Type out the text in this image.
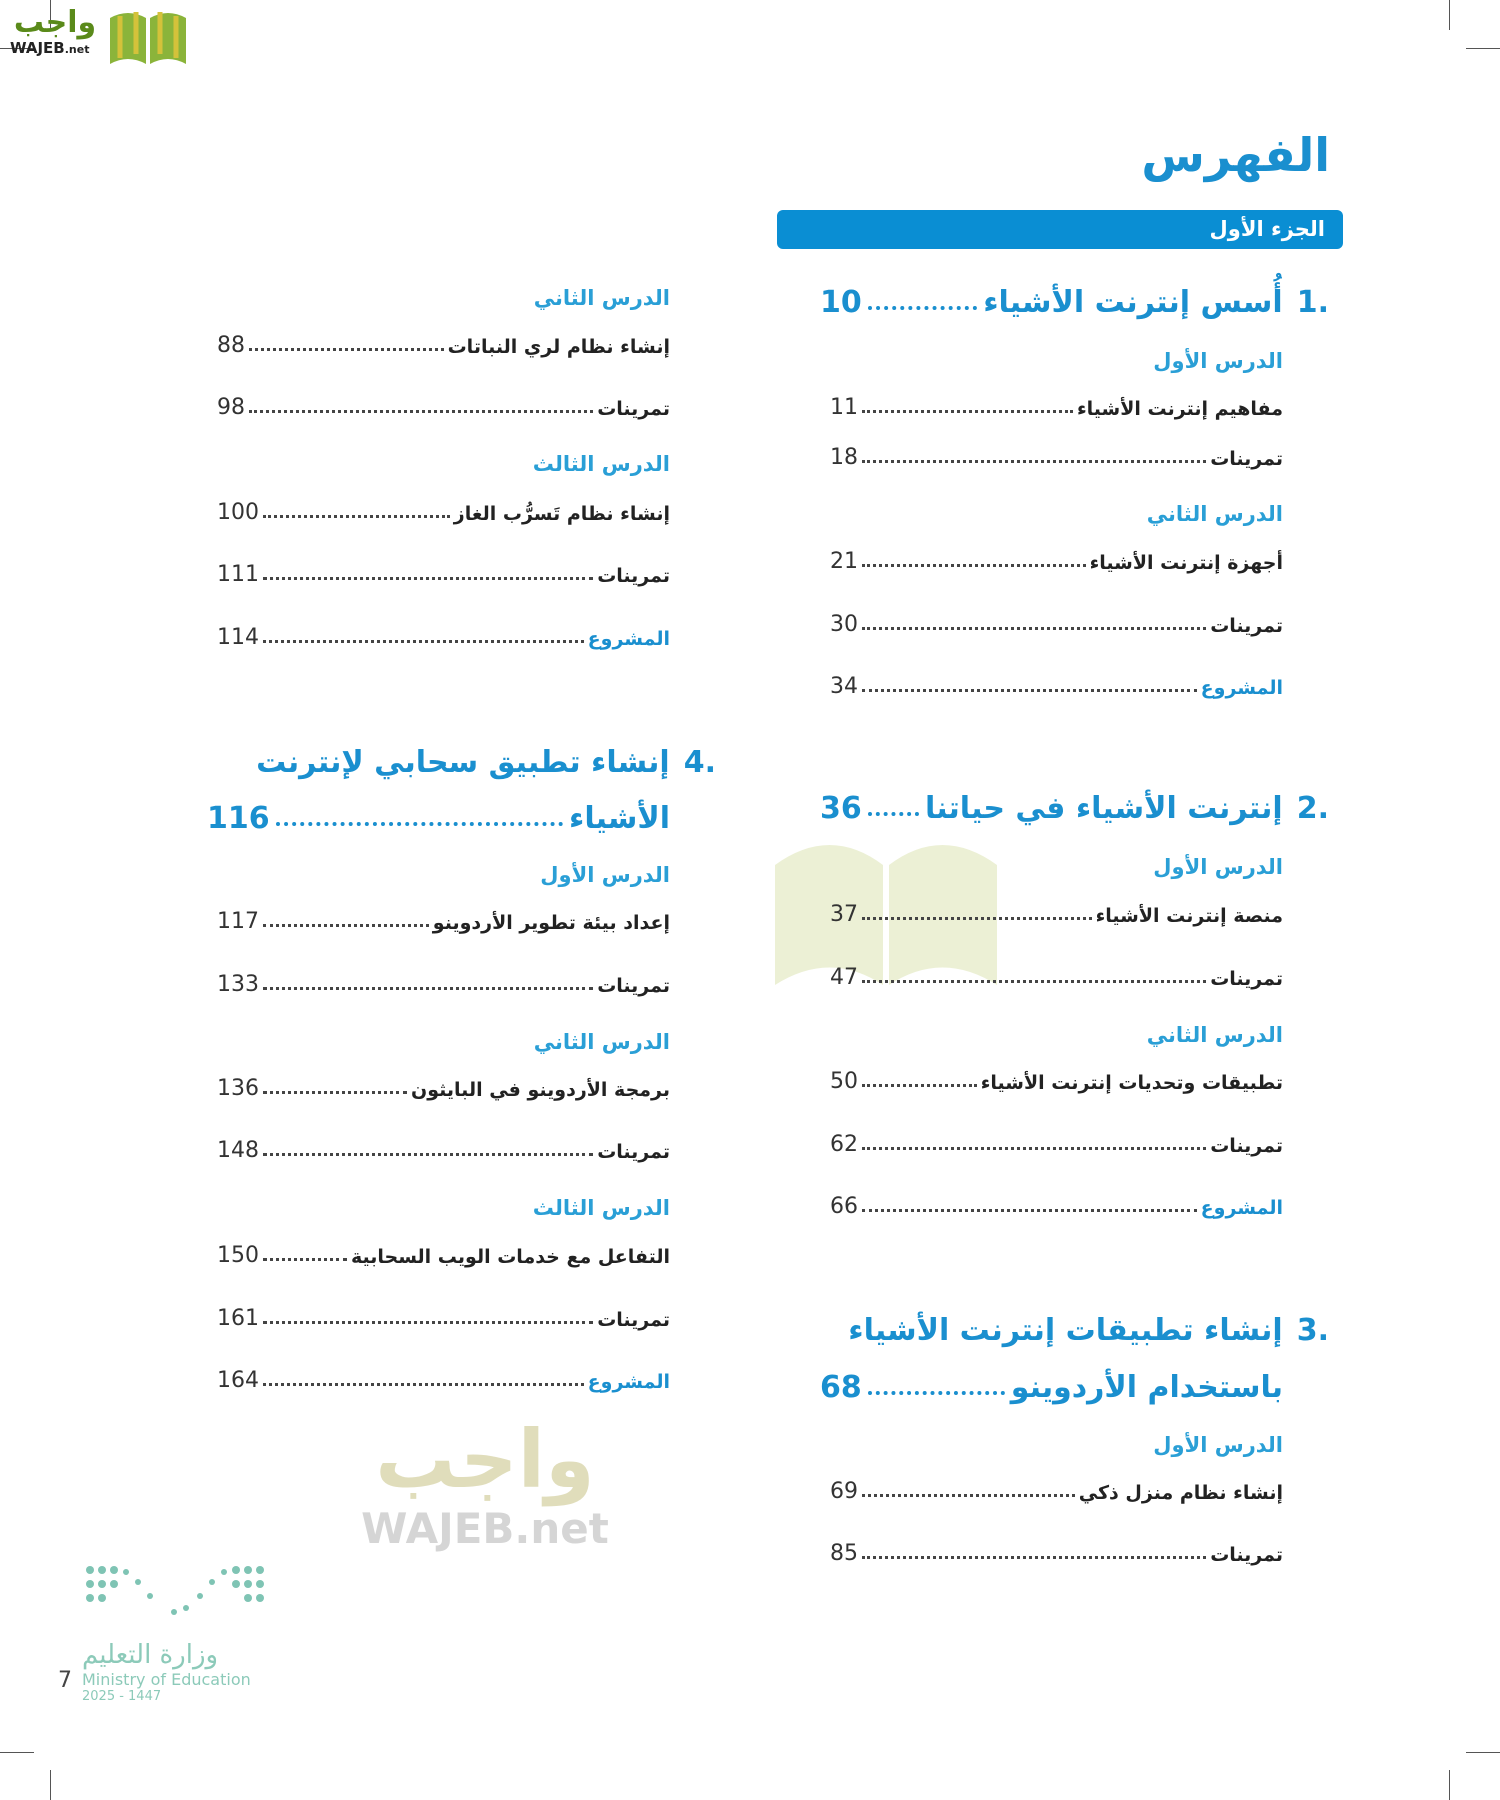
واجب
WAJEB.net
واجب
WAJEB.net
الفهرس
الجزء الأول
1.
أُسس إنترنت الأشياء
10
الدرس الأول
مفاهيم إنترنت الأشياء
11
تمرينات
18
الدرس الثاني
أجهزة إنترنت الأشياء
21
تمرينات
30
المشروع
34
2.
إنترنت الأشياء في حياتنا
36
الدرس الأول
منصة إنترنت الأشياء
37
تمرينات
47
الدرس الثاني
تطبيقات وتحديات إنترنت الأشياء
50
تمرينات
62
المشروع
66
3.
إنشاء تطبيقات إنترنت الأشياء
باستخدام الأردوينو
68
الدرس الأول
إنشاء نظام منزل ذكي
69
تمرينات
85
الدرس الثاني
إنشاء نظام لري النباتات
88
تمرينات
98
الدرس الثالث
إنشاء نظام تَسرُّب الغاز
100
تمرينات
111
المشروع
114
4.
إنشاء تطبيق سحابي لإنترنت
الأشياء
116
الدرس الأول
إعداد بيئة تطوير الأردوينو
117
تمرينات
133
الدرس الثاني
برمجة الأردوينو في البايثون
136
تمرينات
148
الدرس الثالث
التفاعل مع خدمات الويب السحابية
150
تمرينات
161
المشروع
164
وزارة التعليم
Ministry of Education
2025 - 1447
7
